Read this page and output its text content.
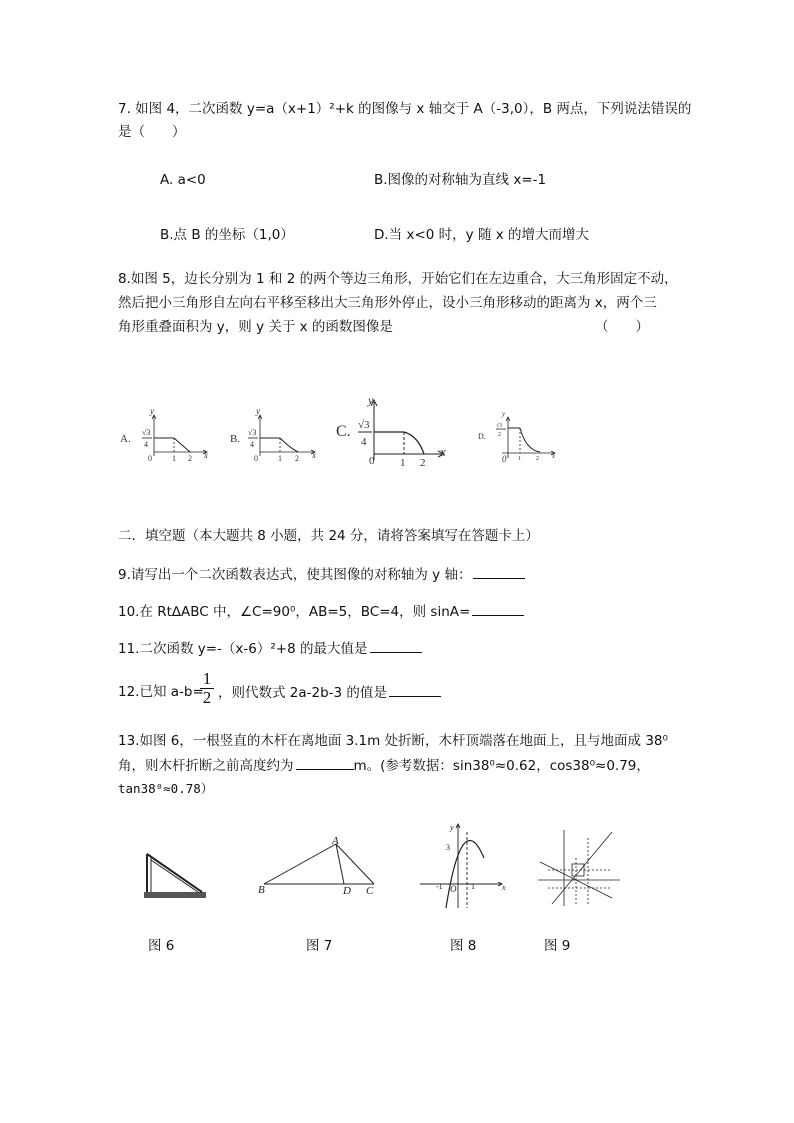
7. 如图 4，二次函数 y=a（x+1）²+k 的图像与 x 轴交于 A（-3,0），B 两点，下列说法错误的
是（　　）
A. a<0	B.图像的对称轴为直线 x=-1
B.点 B 的坐标（1,0）	D.当 x<0 时，y 随 x 的增大而增大
8.如图 5，边长分别为 1 和 2 的两个等边三角形，开始它们在左边重合，大三角形固定不动，
然后把小三角形自左向右平移至移出大三角形外停止，设小三角形移动的距离为 x，两个三
角形重叠面积为 y，则 y 关于 x 的函数图像是	（　　）
A.
y
√3
4
0	1 2 x
B.
y
√3
4
0	1 2 x
C.
y
√3
4
0 1 2
x
D.
y
√3
2
0 1	2 x
二．填空题（本大题共 8 小题，共 24 分，请将答案填写在答题卡上）
9.请写出一个二次函数表达式，使其图像的对称轴为 y 轴：
10.在 Rt∆ABC 中，∠C=90⁰，AB=5，BC=4，则 sinA=
11.二次函数 y=-（x-6）²+8 的最大值是
12.已知 a-b=
1
2 ，则代数式 2a-2b-3 的值是
13.如图 6，一根竖直的木杆在离地面 3.1m 处折断，木杆顶端落在地面上，且与地面成 38⁰
角，则木杆折断之前高度约为	m。(参考数据：sin38⁰≈0.62，cos38⁰≈0.79，
tan38⁰≈0.78）
B
A
D C
y
3
-1 O 1	x
图 6	图 7	图 8	图 9
